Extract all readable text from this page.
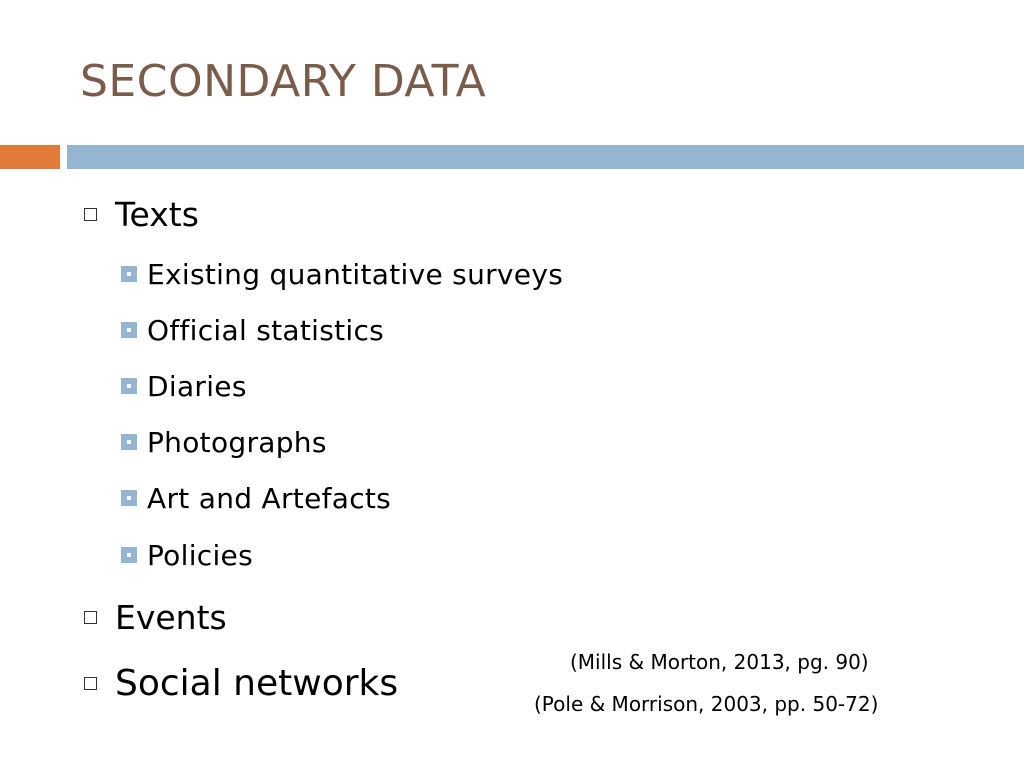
SECONDARY DATA
Texts
Existing quantitative surveys
Official statistics
Diaries
Photographs
Art and Artefacts
Policies
Events
Social networks
(Mills & Morton, 2013, pg. 90)
(Pole & Morrison, 2003, pp. 50-72)
